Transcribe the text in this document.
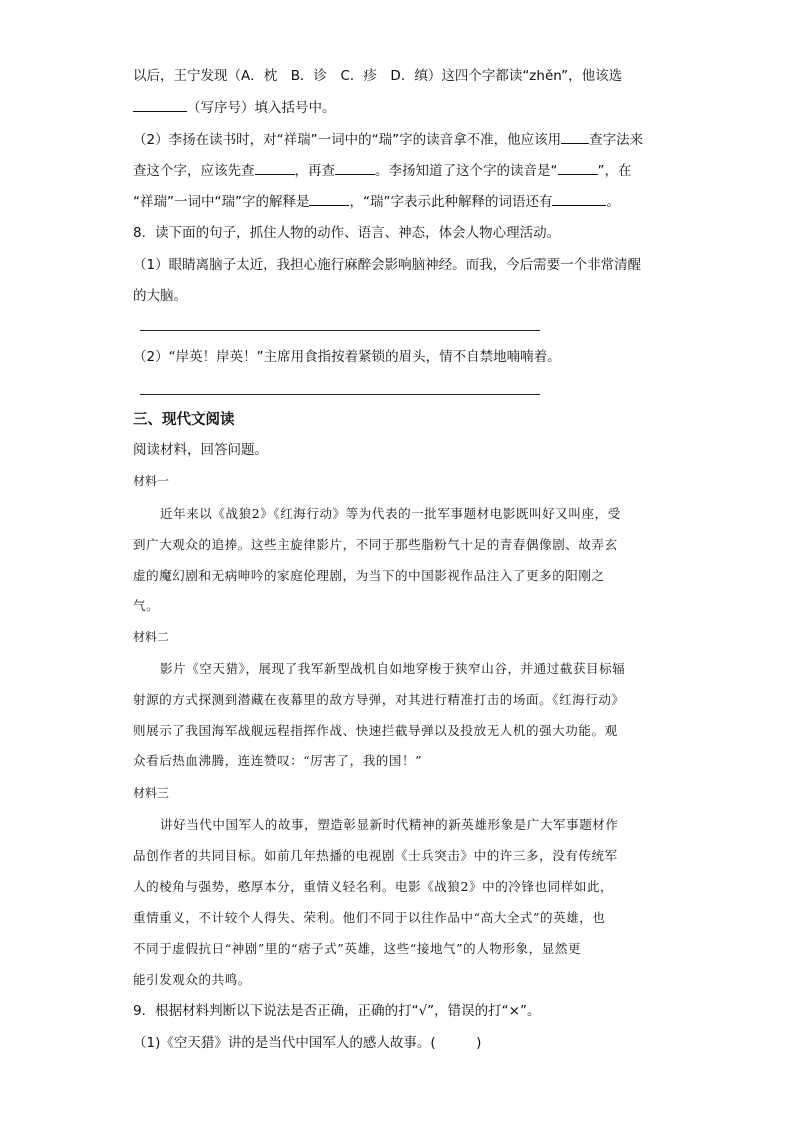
以后，王宁发现（A．枕　B．诊　C．疹　D．缜）这四个字都读“zhěn”，他该选
（写序号）填入括号中。
（2）李扬在读书时，对“祥瑞”一词中的“瑞”字的读音拿不准，他应该用 查字法来
查这个字，应该先查	，再查	。李扬知道了这个字的读音是“	”，在
“祥瑞”一词中“瑞”字的解释是	，“瑞”字表示此种解释的词语还有	。
8．读下面的句子，抓住人物的动作、语言、神态，体会人物心理活动。
（1）眼睛离脑子太近，我担心施行麻醉会影响脑神经。而我，今后需要一个非常清醒
的大脑。
（2）“岸英！岸英！”主席用食指按着紧锁的眉头，情不自禁地喃喃着。
三、现代文阅读
阅读材料，回答问题。
材料一
近年来以《战狼2》《红海行动》等为代表的一批军事题材电影既叫好又叫座，受
到广大观众的追捧。这些主旋律影片，不同于那些脂粉气十足的青春偶像剧、故弄玄
虚的魔幻剧和无病呻吟的家庭伦理剧，为当下的中国影视作品注入了更多的阳刚之
气。
材料二
影片《空天猎》，展现了我军新型战机自如地穿梭于狭窄山谷，并通过截获目标辐
射源的方式探测到潜藏在夜幕里的敌方导弹，对其进行精准打击的场面。《红海行动》
则展示了我国海军战舰远程指挥作战、快速拦截导弹以及投放无人机的强大功能。观
众看后热血沸腾，连连赞叹：“厉害了，我的国！”
材料三
讲好当代中国军人的故事，塑造彰显新时代精神的新英雄形象是广大军事题材作
品创作者的共同目标。如前几年热播的电视剧《士兵突击》中的许三多，没有传统军
人的棱角与强势，憨厚本分，重情义轻名利。电影《战狼2》中的冷锋也同样如此，
重情重义，不计较个人得失、荣利。他们不同于以往作品中“高大全式”的英雄，也
不同于虚假抗日“神剧”里的“痞子式”英雄，这些“接地气”的人物形象，显然更
能引发观众的共鸣。
9．根据材料判断以下说法是否正确，正确的打“√”，错误的打“×”。
（1)《空天猎》讲的是当代中国军人的感人故事。(　　　)
